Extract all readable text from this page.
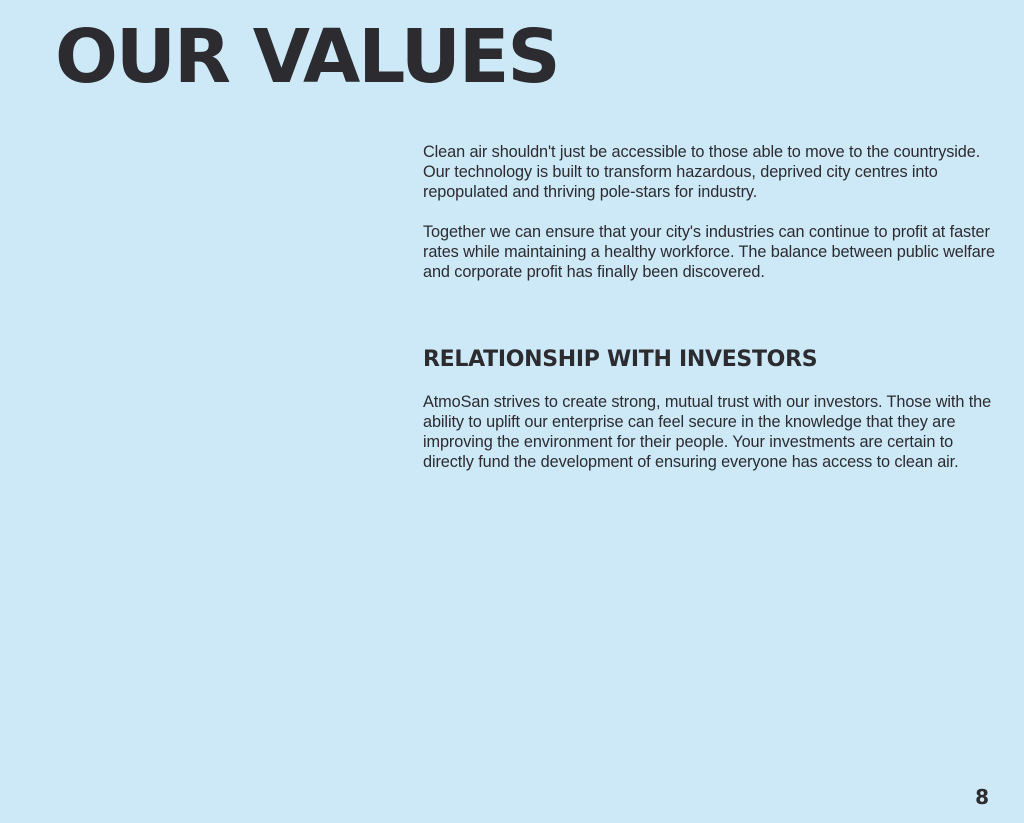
OUR VALUES

Clean air shouldn't just be accessible to those able to move to the countryside. Our technology is built to transform hazardous, deprived city centres into repopulated and thriving pole-stars for industry.

Together we can ensure that your city's industries can continue to profit at faster rates while maintaining a healthy workforce. The balance between public welfare and corporate profit has finally been discovered.

RELATIONSHIP WITH INVESTORS

AtmoSan strives to create strong, mutual trust with our investors. Those with the ability to uplift our enterprise can feel secure in the knowledge that they are improving the environment for their people. Your investments are certain to directly fund the development of ensuring everyone has access to clean air.

8
